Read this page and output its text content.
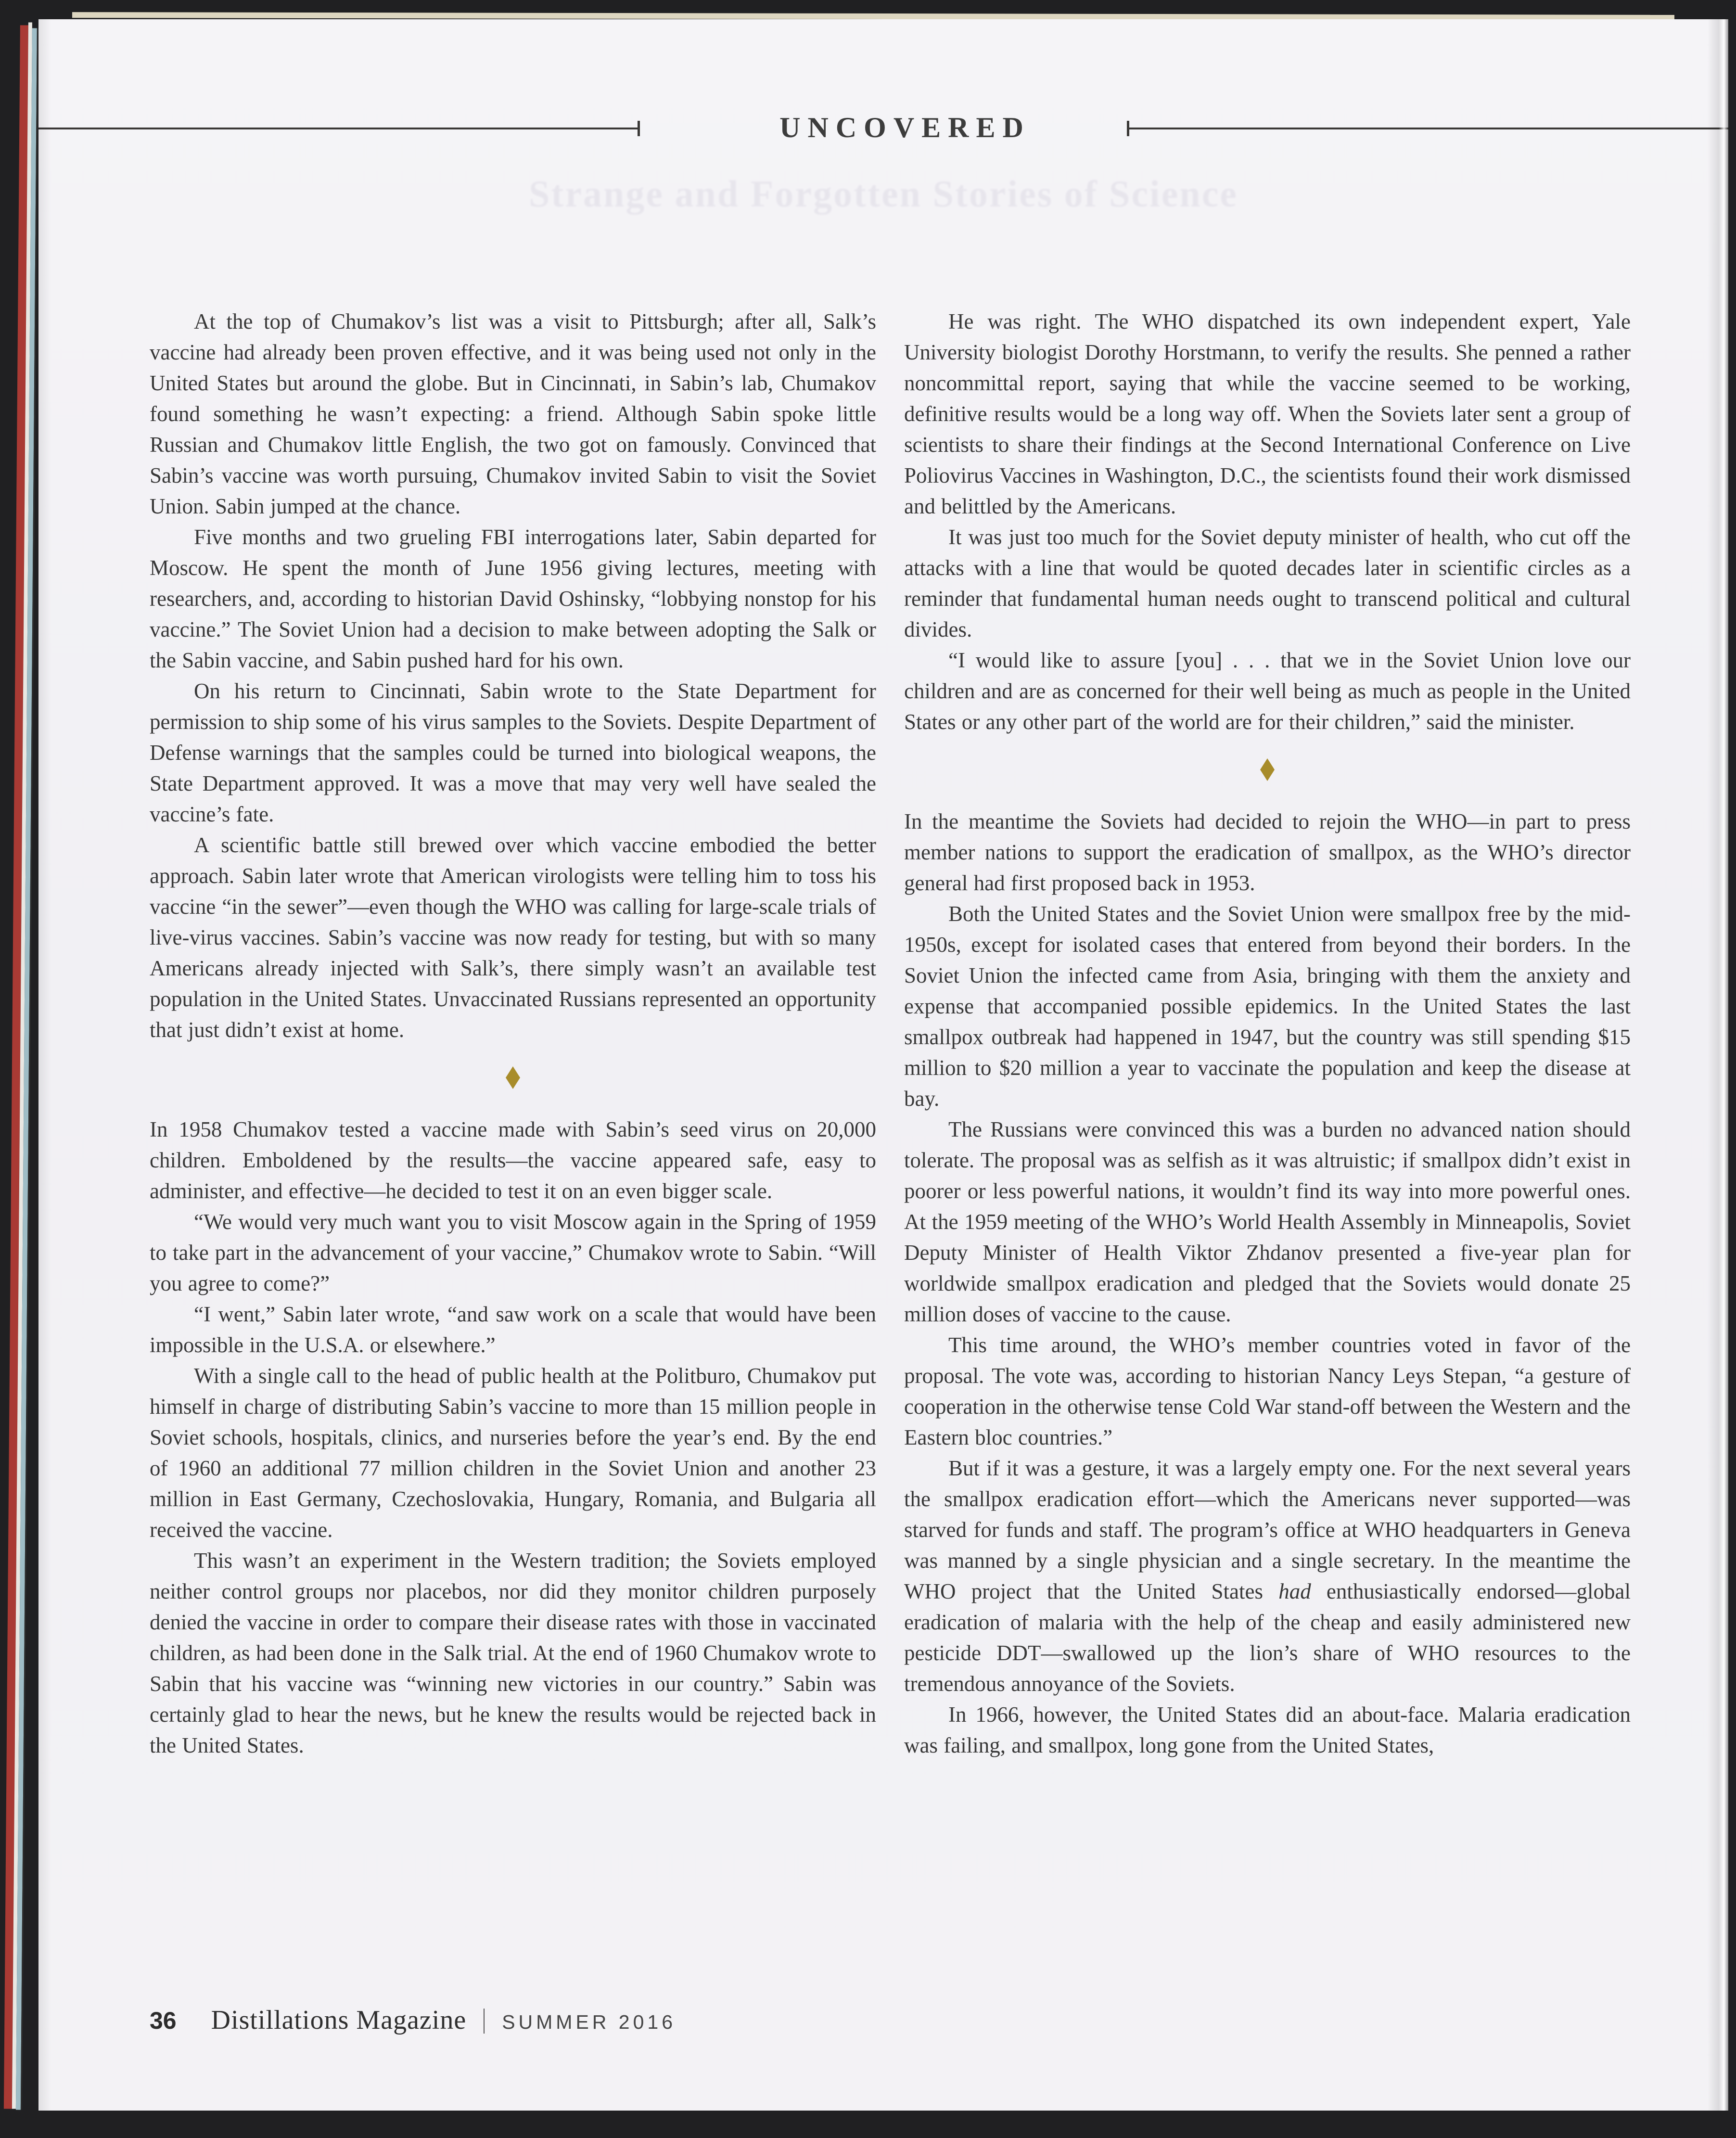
Strange and Forgotten Stories of Science
UNCOVERED

At the top of Chumakov’s list was a visit to Pittsburgh; after all, Salk’s vaccine had already been proven effective, and it was being used not only in the United States but around the globe. But in Cincinnati, in Sabin’s lab, Chumakov found something he wasn’t expecting: a friend. Although Sabin spoke little Russian and Chumakov little English, the two got on famously. Convinced that Sabin’s vaccine was worth pursuing, Chumakov invited Sabin to visit the Soviet Union. Sabin jumped at the chance.

Five months and two grueling FBI interrogations later, Sabin departed for Moscow. He spent the month of June 1956 giving lectures, meeting with researchers, and, according to historian David Oshinsky, “lobbying nonstop for his vaccine.” The Soviet Union had a decision to make between adopting the Salk or the Sabin vaccine, and Sabin pushed hard for his own.

On his return to Cincinnati, Sabin wrote to the State Department for permission to ship some of his virus samples to the Soviets. Despite Department of Defense warnings that the samples could be turned into biological weapons, the State Department approved. It was a move that may very well have sealed the vaccine’s fate.

A scientific battle still brewed over which vaccine embodied the better approach. Sabin later wrote that American virologists were telling him to toss his vaccine “in the sewer”—even though the WHO was calling for large-scale trials of live-virus vaccines. Sabin’s vaccine was now ready for testing, but with so many Americans already injected with Salk’s, there simply wasn’t an available test population in the United States. Unvaccinated Russians represented an opportunity that just didn’t exist at home.

In 1958 Chumakov tested a vaccine made with Sabin’s seed virus on 20,000 children. Emboldened by the results—the vaccine appeared safe, easy to administer, and effective—he decided to test it on an even bigger scale.

“We would very much want you to visit Moscow again in the Spring of 1959 to take part in the advancement of your vaccine,” Chumakov wrote to Sabin. “Will you agree to come?”

“I went,” Sabin later wrote, “and saw work on a scale that would have been impossible in the U.S.A. or elsewhere.”

With a single call to the head of public health at the Politburo, Chumakov put himself in charge of distributing Sabin’s vaccine to more than 15 million people in Soviet schools, hospitals, clinics, and nurseries before the year’s end. By the end of 1960 an additional 77 million children in the Soviet Union and another 23 million in East Germany, Czechoslovakia, Hungary, Romania, and Bulgaria all received the vaccine.

This wasn’t an experiment in the Western tradition; the Soviets employed neither control groups nor placebos, nor did they monitor children purposely denied the vaccine in order to compare their disease rates with those in vaccinated children, as had been done in the Salk trial. At the end of 1960 Chumakov wrote to Sabin that his vaccine was “winning new victories in our country.” Sabin was certainly glad to hear the news, but he knew the results would be rejected back in the United States.

He was right. The WHO dispatched its own independent expert, Yale University biologist Dorothy Horstmann, to verify the results. She penned a rather noncommittal report, saying that while the vaccine seemed to be working, definitive results would be a long way off. When the Soviets later sent a group of scientists to share their findings at the Second International Conference on Live Poliovirus Vaccines in Washington, D.C., the scientists found their work dismissed and belittled by the Americans.

It was just too much for the Soviet deputy minister of health, who cut off the attacks with a line that would be quoted decades later in scientific circles as a reminder that fundamental human needs ought to transcend political and cultural divides.

“I would like to assure [you] . . . that we in the Soviet Union love our children and are as concerned for their well being as much as people in the United States or any other part of the world are for their children,” said the minister.

In the meantime the Soviets had decided to rejoin the WHO—in part to press member nations to support the eradication of smallpox, as the WHO’s director general had first proposed back in 1953.

Both the United States and the Soviet Union were smallpox free by the mid-1950s, except for isolated cases that entered from beyond their borders. In the Soviet Union the infected came from Asia, bringing with them the anxiety and expense that accompanied possible epidemics. In the United States the last smallpox outbreak had happened in 1947, but the country was still spending $15 million to $20 million a year to vaccinate the population and keep the disease at bay.

The Russians were convinced this was a burden no advanced nation should tolerate. The proposal was as selfish as it was altruistic; if smallpox didn’t exist in poorer or less powerful nations, it wouldn’t find its way into more powerful ones. At the 1959 meeting of the WHO’s World Health Assembly in Minneapolis, Soviet Deputy Minister of Health Viktor Zhdanov presented a five-year plan for worldwide smallpox eradication and pledged that the Soviets would donate 25 million doses of vaccine to the cause.

This time around, the WHO’s member countries voted in favor of the proposal. The vote was, according to historian Nancy Leys Stepan, “a gesture of cooperation in the otherwise tense Cold War stand-off between the Western and the Eastern bloc countries.”

But if it was a gesture, it was a largely empty one. For the next several years the smallpox eradication effort—which the Americans never supported—was starved for funds and staff. The program’s office at WHO headquarters in Geneva was manned by a single physician and a single secretary. In the meantime the WHO project that the United States had enthusiastically endorsed—global eradication of malaria with the help of the cheap and easily administered new pesticide DDT—swallowed up the lion’s share of WHO resources to the tremendous annoyance of the Soviets.

In 1966, however, the United States did an about-face. Malaria eradication was failing, and smallpox, long gone from the United States,

36 Distillations Magazine SUMMER 2016
